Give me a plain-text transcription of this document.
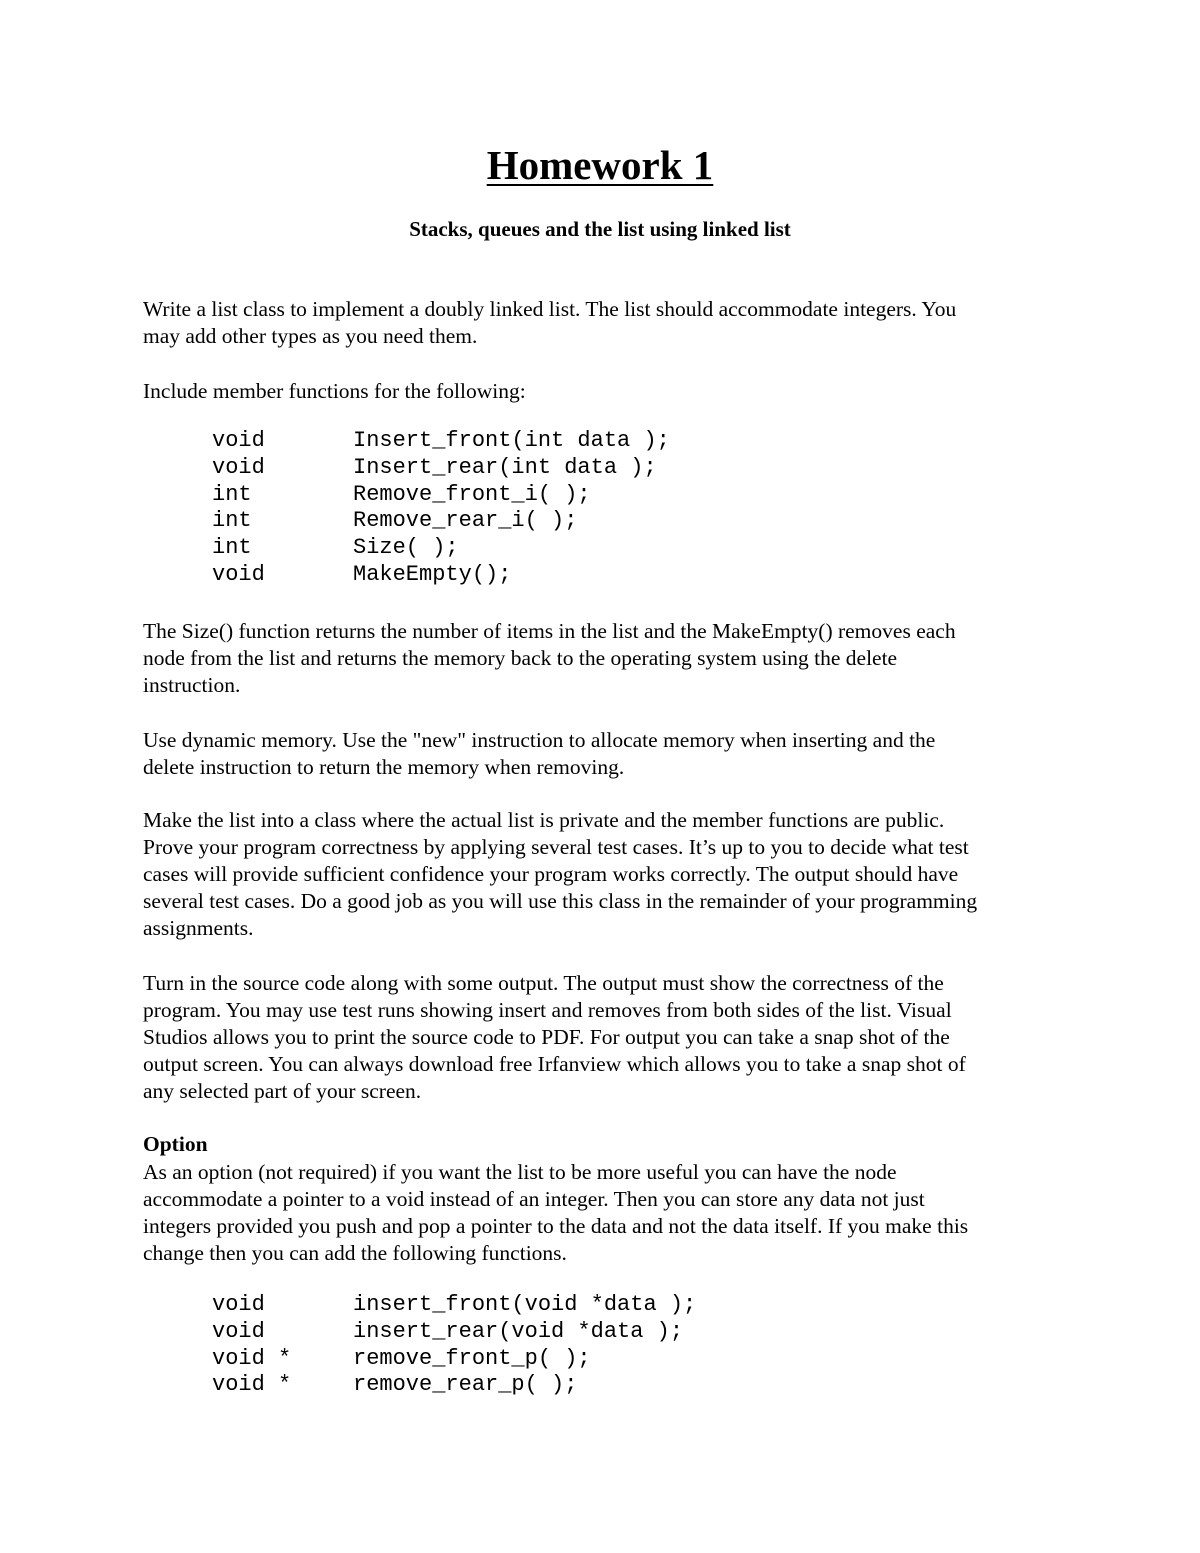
Homework 1
Stacks, queues and the list using linked list

Write a list class to implement a doubly linked list. The list should accommodate integers. You
may add other types as you need them.

Include member functions for the following:

void	Insert_front(int data );
void	Insert_rear(int data );
int	Remove_front_i( );
int	Remove_rear_i( );
int	Size( );
void	MakeEmpty();

The Size() function returns the number of items in the list and the MakeEmpty() removes each
node from the list and returns the memory back to the operating system using the delete
instruction.

Use dynamic memory. Use the "new" instruction to allocate memory when inserting and the
delete instruction to return the memory when removing.

Make the list into a class where the actual list is private and the member functions are public.
Prove your program correctness by applying several test cases. It’s up to you to decide what test
cases will provide sufficient confidence your program works correctly. The output should have
several test cases. Do a good job as you will use this class in the remainder of your programming
assignments.

Turn in the source code along with some output. The output must show the correctness of the
program. You may use test runs showing insert and removes from both sides of the list. Visual
Studios allows you to print the source code to PDF. For output you can take a snap shot of the
output screen. You can always download free Irfanview which allows you to take a snap shot of
any selected part of your screen.

Option

As an option (not required) if you want the list to be more useful you can have the node
accommodate a pointer to a void instead of an integer. Then you can store any data not just
integers provided you push and pop a pointer to the data and not the data itself. If you make this
change then you can add the following functions.

void	insert_front(void *data );
void	insert_rear(void *data );
void *	remove_front_p( );
void *	remove_rear_p( );
